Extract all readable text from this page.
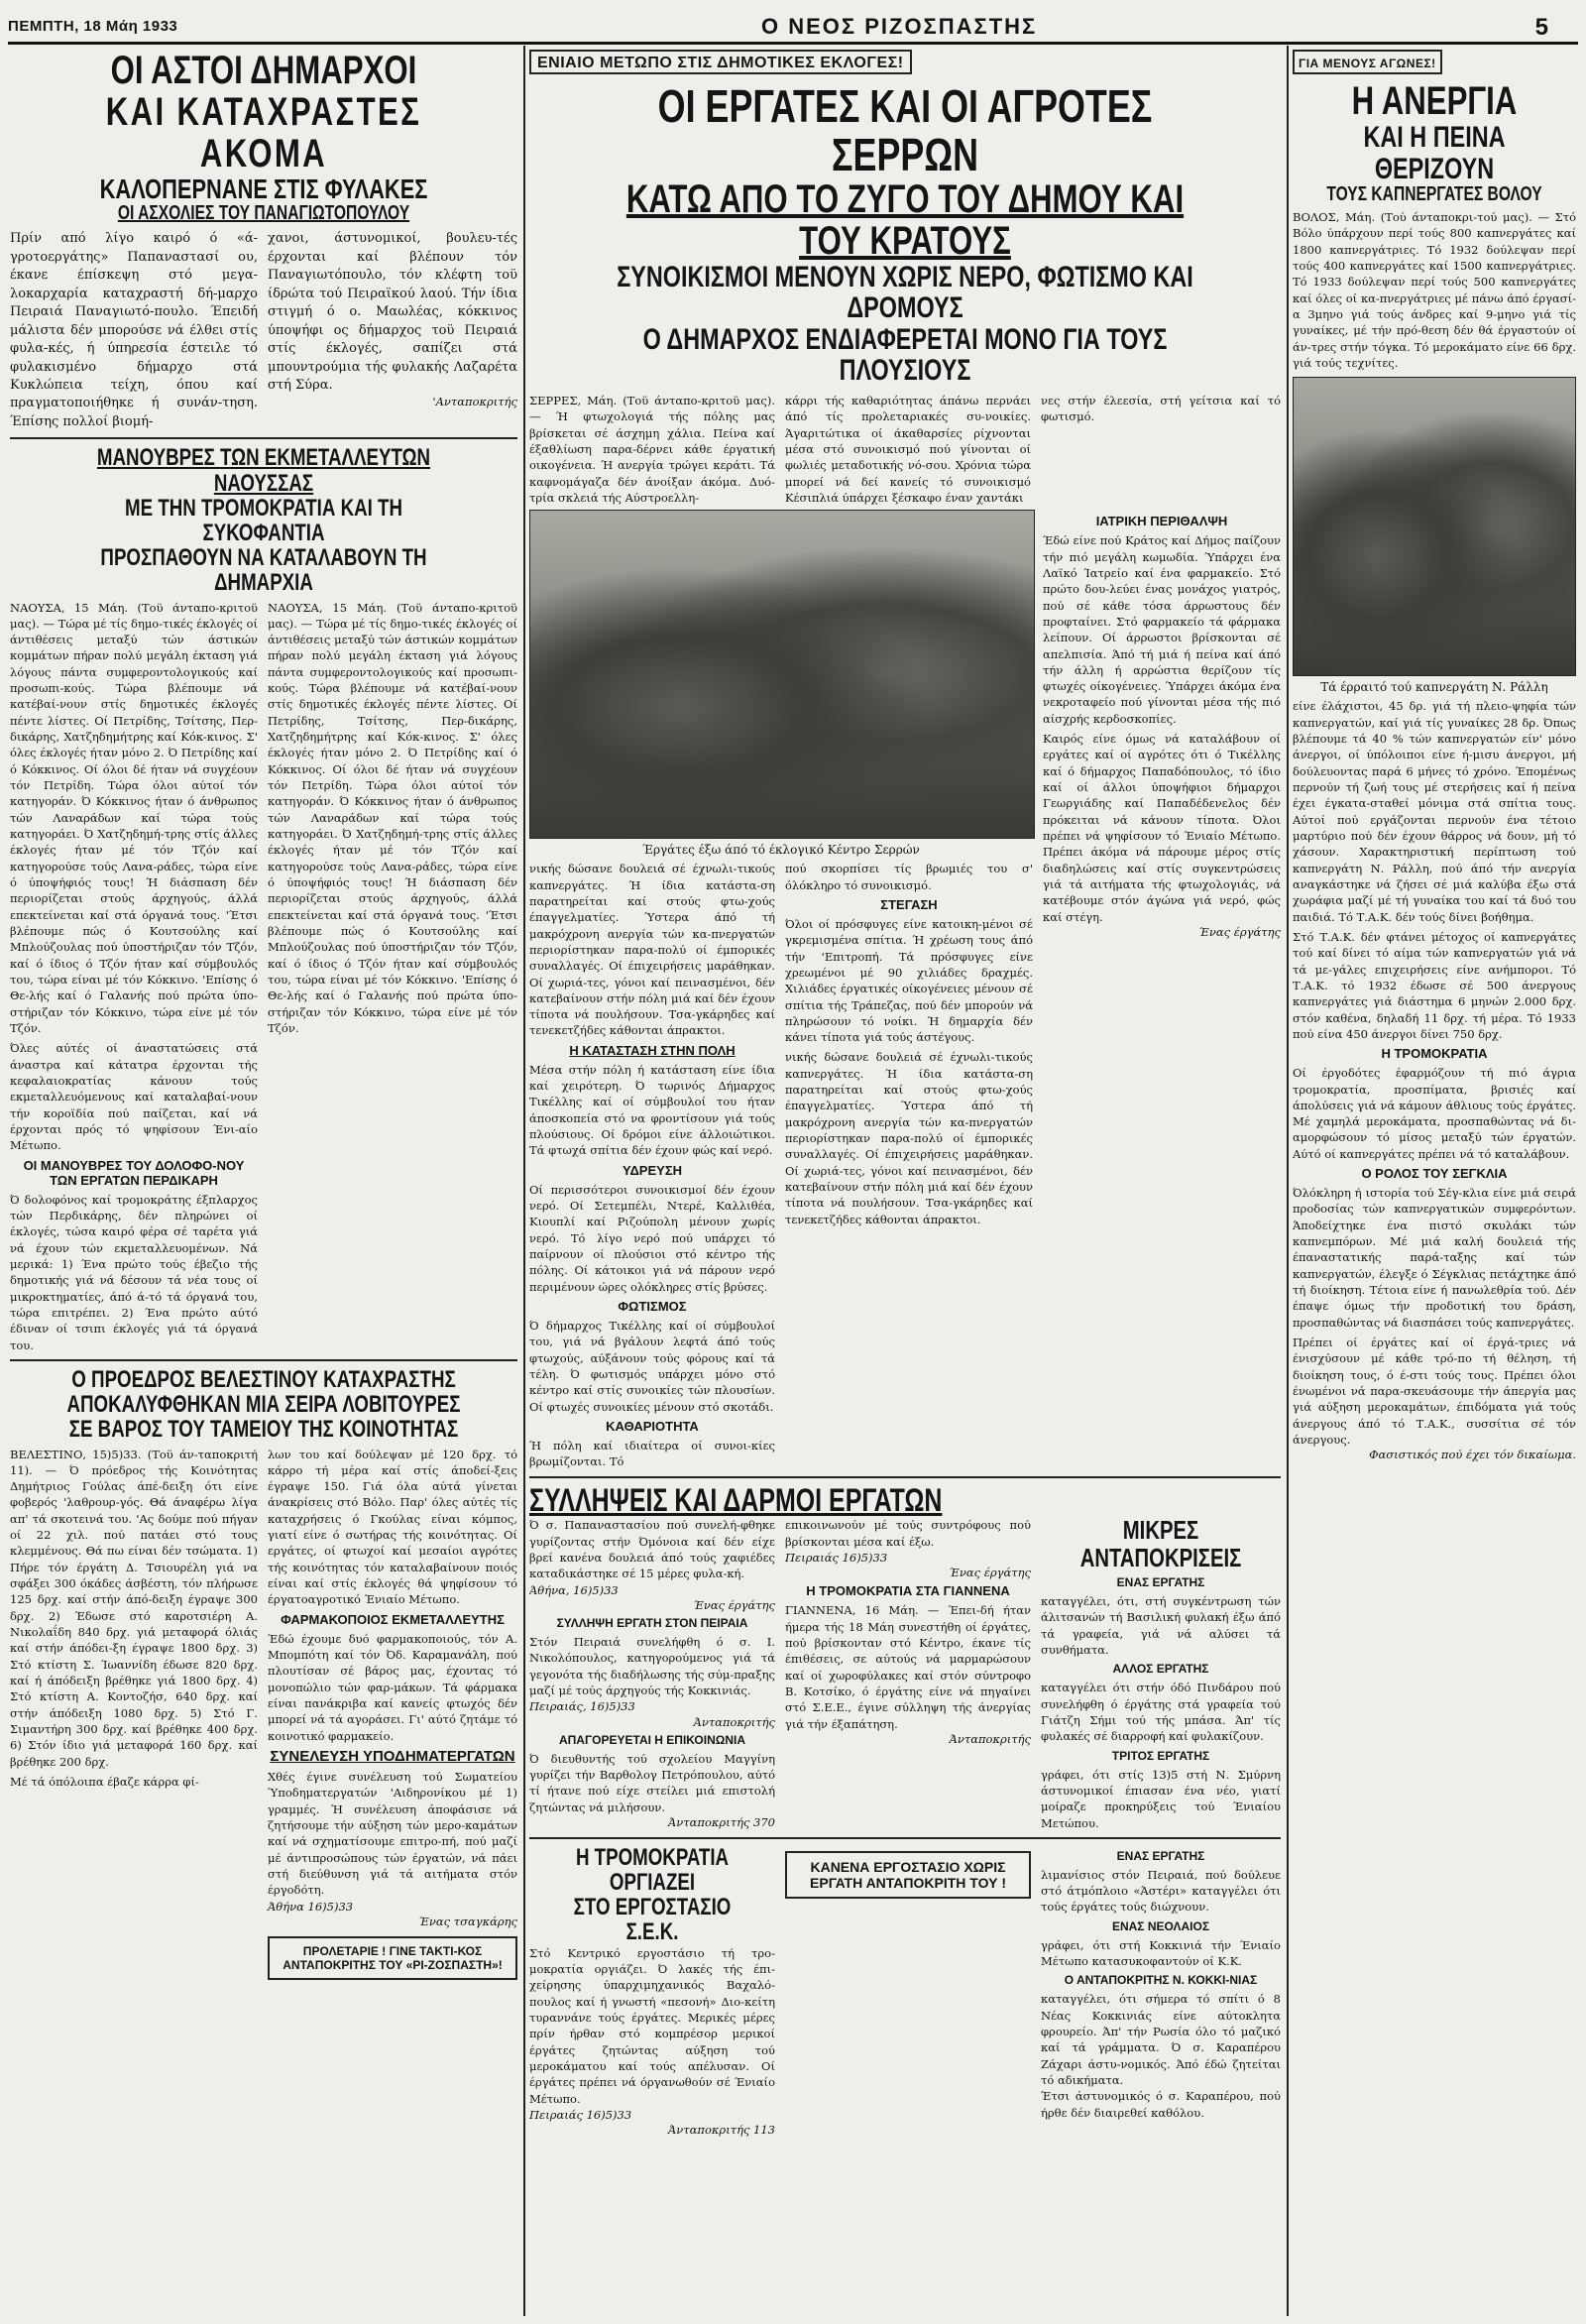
ΠΕΜΠΤΗ, 18 Μάη 1933	Ο ΝΕΟΣ ΡΙΖΟΣΠΑΣΤΗΣ	5
ΟΙ ΑΣΤΟΙ ΔΗΜΑΡΧΟΙ
ΚΑΙ ΚΑΤΑΧΡΑΣΤΕΣ ΑΚΟΜΑ
ΚΑΛΟΠΕΡΝΑΝΕ ΣΤΙΣ ΦΥΛΑΚΕΣ
ΟΙ ΑΣΧΟΛΙΕΣ ΤΟΥ ΠΑΝΑΓΙΩΤΟΠΟΥΛΟΥ
Πρίν από λίγο καιρό ό «ά-γροτοεργάτης» Παπαναστασί ου, έκανε έπίσκεψη στό μεγα-λοκαρχαρία καταχραστή δή-μαρχο Πειραιά Παναγιωτό-πουλο. Έπειδή μάλιστα δέν μπορούσε νά έλθει στίς φυλα-κές, ή ύπηρεσία έστειλε τό φυλακισμένο δήμαρχο στά Κυκλώπεια τείχη, όπου καί πραγματοποιήθηκε ή συνάν-τηση. Έπίσης πολλοί βιομή-
χανοι, άστυνομικοί, βουλευ-τές έρχονται καί βλέπουν τόν Παναγιωτόπουλο, τόν κλέφτη τοϋ ίδρώτα τού Πειραϊκού λαού. Τήν ίδια στιγμή ό ο. Μαωλέας, κόκκινος ύποψήφι ος δήμαρχος τοϋ Πειραιά στίς έκλογές, σαπίζει στά μπουντρούμια τής φυλακής Λαζαρέτα στή Σύρα.
'Ανταποκριτής
ΜΑΝΟΥΒΡΕΣ ΤΩΝ ΕΚΜΕΤΑΛΛΕΥΤΩΝ ΝΑΟΥΣΣΑΣ
ΜΕ ΤΗΝ ΤΡΟΜΟΚΡΑΤΙΑ ΚΑΙ ΤΗ ΣΥΚΟΦΑΝΤΙΑ
ΠΡΟΣΠΑΘΟΥΝ ΝΑ ΚΑΤΑΛΑΒΟΥΝ ΤΗ ΔΗΜΑΡΧΙΑ
ΝΑΟΥΣΑ, 15 Μάη. (Τοϋ άνταπο-κριτοϋ μας). — Τώρα μέ τίς δημο-τικές έκλογές οί άντιθέσεις μεταξύ τών άστικών κομμάτων πήραν πολύ μεγάλη έκταση γιά λόγους πάντα συμφεροντολογικούς καί προσωπι-κούς. Τώρα βλέπουμε νά κατέβαί-νουν στίς δημοτικές έκλογές πέντε λίστες. Οί Πετρίδης, Τσίτσης, Περ-δικάρης, Χατζηδημήτρης καί Κόκ-κινος. Σ' όλες έκλογές ήταν μόνο 2. Ό Πετρίδης καί ό Κόκκινος. Οί όλοι δέ ήταν νά συγχέουν τόν Πετρίδη. Τώρα όλοι αύτοί τόν κατηγοράν. Ό Κόκκινος ήταν ό άνθρωπος τών Λαναράδων καί τώρα τούς κατηγοράει. Ό Χατζηδημή-τρης στίς άλλες έκλογές ήταν μέ τόν Τζόν καί κατηγορούσε τούς Λανα-ράδες, τώρα είνε ό ύποψήφιός τους! Ή διάσπαση δέν περιορίζεται στούς άρχηγούς, άλλά επεκτείνεται καί στά όργανά τους. 'Έτσι βλέπουμε πώς ό Κουτσούλης καί Μπλούζουλας πού ύποστήριζαν τόν Τζόν, καί ό ίδιος ό Τζόν ήταν καί σύμβουλός του, τώρα είναι μέ τόν Κόκκινο. 'Επίσης ό Θε-λής καί ό Γαλανής πού πρώτα ύπο-στήριζαν τόν Κόκκινο, τώρα είνε μέ τόν Τζόν.
Όλες αύτές οί άναστατώσεις στά άναστρα καί κάτατρα έρχονται τής κεφαλαιοκρατίας κάνουν τούς εκμεταλλευόμενους καί καταλαβαί-νουν τήν κοροϊδία πού παίζεται, καί νά έρχονται πρός τό ψηφίσουν Ένι-αίο Μέτωπο.
ΟΙ ΜΑΝΟΥΒΡΕΣ ΤΟΥ ΔΟΛΟΦΟ-ΝΟΥ ΤΩΝ ΕΡΓΑΤΩΝ ΠΕΡΔΙΚΑΡΗ
Ό δολοφόνος καί τρομοκράτης έξπλαρχος τών Περδικάρης, δέν πληρώνει οί έκλογές, τώσα καιρό φέρα σέ ταρέτα γιά νά έχουν τών εκμεταλλευομένων. Νά μερικά: 1) Ένα πρώτο τούς έβεζιο τής δημοτικής γιά νά δέσουν τά νέα τους οί μικροκτηματίες, άπό ά-τό τά όργανά του, τώρα επιτρέπει. 2) Ένα πρώτο αύτό έδιναν οί τσιπι έκλογές γιά τά όργανά του.
ΝΑΟΥΣΑ, 15 Μάη. (Τοϋ άνταπο-κριτοϋ μας). — Τώρα μέ τίς δημο-τικές έκλογές οί άντιθέσεις μεταξύ τών άστικών κομμάτων πήραν πολύ μεγάλη έκταση γιά λόγους πάντα συμφεροντολογικούς καί προσωπι-κούς. Τώρα βλέπουμε νά κατέβαί-νουν στίς δημοτικές έκλογές πέντε λίστες. Οί Πετρίδης, Τσίτσης, Περ-δικάρης, Χατζηδημήτρης καί Κόκ-κινος. Σ' όλες έκλογές ήταν μόνο 2. Ό Πετρίδης καί ό Κόκκινος. Οί όλοι δέ ήταν νά συγχέουν τόν Πετρίδη. Τώρα όλοι αύτοί τόν κατηγοράν. Ό Κόκκινος ήταν ό άνθρωπος τών Λαναράδων καί τώρα τούς κατηγοράει. Ό Χατζηδημή-τρης στίς άλλες έκλογές ήταν μέ τόν Τζόν καί κατηγορούσε τούς Λανα-ράδες, τώρα είνε ό ύποψήφιός τους! Ή διάσπαση δέν περιορίζεται στούς άρχηγούς, άλλά επεκτείνεται καί στά όργανά τους. 'Έτσι βλέπουμε πώς ό Κουτσούλης καί Μπλούζουλας πού ύποστήριζαν τόν Τζόν, καί ό ίδιος ό Τζόν ήταν καί σύμβουλός του, τώρα είναι μέ τόν Κόκκινο. 'Επίσης ό Θε-λής καί ό Γαλανής πού πρώτα ύπο-στήριζαν τόν Κόκκινο, τώρα είνε μέ τόν Τζόν.
Ο ΠΡΟΕΔΡΟΣ ΒΕΛΕΣΤΙΝΟΥ ΚΑΤΑΧΡΑΣΤΗΣ
ΑΠΟΚΑΛΥΦΘΗΚΑΝ ΜΙΑ ΣΕΙΡΑ ΛΟΒΙΤΟΥΡΕΣ
ΣΕ ΒΑΡΟΣ ΤΟΥ ΤΑΜΕΙΟΥ ΤΗΣ ΚΟΙΝΟΤΗΤΑΣ
ΒΕΛΕΣΤΙΝΟ, 15)5)33. (Τοϋ άν-ταποκριτή 11). — Ό πρόεδρος τής Κοινότητας Δημήτριος Γούλας άπέ-δειξη ότι είνε φοβερός 'λαθρουρ-γός. Θά άναφέρω λίγα απ' τά σκοτεινά του. 'Ας δούμε πού πήγαν οί 22 χιλ. πού πατάει στό τους κλεμμένους. Θά πω είναι δέν τσώματα. 1) Πήρε τόν έργάτη Δ. Τσιουρέλη γιά να σφάξει 300 όκάδες άσβέστη, τόν πλήρωσε 125 δρχ. καί στήν άπό-δειξη έγραψε 300 δρχ. 2) Έδωσε στό καροτσιέρη Α. Νικολαΐδη 840 δρχ. γιά μεταφορά όλιάς καί στήν άπόδει-ξη έγραψε 1800 δρχ. 3) Στό κτίστη Σ. Ίωαννίδη έδωσε 820 δρχ. καί ή άπόδειξη βρέθηκε γιά 1800 δρχ. 4) Στό κτίστη Α. Κοντοζήσ, 640 δρχ. καί στήν άπόδειξη 1080 δρχ. 5) Στό Γ. Σιμαντήρη 300 δρχ. καί βρέθηκε 400 δρχ. 6) Στόν ίδιο γιά μεταφορά 160 δρχ. καί βρέθηκε 200 δρχ.
Μέ τά όπόλοιπα έβαζε κάρρα φί-
λων του καί δούλεψαν μέ 120 δρχ. τό κάρρο τή μέρα καί στίς άποδεί-ξεις έγραψε 150. Γιά όλα αύτά γίνεται άνακρίσεις στό Βόλο. Παρ' όλες αύτές τίς καταχρήσεις ό Γκούλας είναι κόμπος, γιατί είνε ό σωτήρας τής κοινότητας. Οί εργάτες, οί φτωχοί καί μεσαίοι αγρότες τής κοινότητας τόν καταλαβαίνουν ποιός είναι καί στίς έκλογές θά ψηφίσουν τό έργατοαγροτικό Ένιαίο Μέτωπο.
ΦΑΡΜΑΚΟΠΟΙΟΣ ΕΚΜΕΤΑΛΛΕΥΤΗΣ
Έδώ έχουμε δυό φαρμακοποιούς, τόν Α. Μπομπότη καί τόν Όδ. Καραμανάλη, πού πλουτίσαν σέ βάρος μας, έχοντας τό μονοπώλιο τών φαρ-μάκων. Τά φάρμακα είναι πανάκριβα καί κανείς φτωχός δέν μπορεί νά τά αγοράσει. Γι' αύτό ζητάμε τό κοινοτικό φαρμακείο.
ΣΥΝΕΛΕΥΣΗ ΥΠΟΔΗΜΑΤΕΡΓΑΤΩΝ
Χθές έγινε συνέλευση τού Σωματείου Ύποδηματεργατών 'Αιδηρονίκου μέ 1) γραμμές. Ή συνέλευση άποφάσισε νά ζητήσουμε τήν αύξηση τών μερο-καμάτων καί νά σχηματίσουμε επιτρο-πή, πού μαζί μέ άντιπροσώπους τών έργατών, νά πάει στή διεύθυνση γιά τά αιτήματα στόν έργοδότη.
Άθήνα 16)5)33
Ένας τσαγκάρης
ΠΡΟΛΕΤΑΡΙΕ ! ΓΙΝΕ ΤΑΚΤΙ-ΚΟΣ ΑΝΤΑΠΟΚΡΙΤΗΣ ΤΟΥ «ΡΙ-ΖΟΣΠΑΣΤΗ»!
ΕΝΙΑΙΟ ΜΕΤΩΠΟ ΣΤΙΣ ΔΗΜΟΤΙΚΕΣ ΕΚΛΟΓΕΣ!
ΟΙ ΕΡΓΑΤΕΣ ΚΑΙ ΟΙ ΑΓΡΟΤΕΣ ΣΕΡΡΩΝ
ΚΑΤΩ ΑΠΟ ΤΟ ΖΥΓΟ ΤΟΥ ΔΗΜΟΥ ΚΑΙ ΤΟΥ ΚΡΑΤΟΥΣ
ΣΥΝΟΙΚΙΣΜΟΙ ΜΕΝΟΥΝ ΧΩΡΙΣ ΝΕΡΟ, ΦΩΤΙΣΜΟ ΚΑΙ ΔΡΟΜΟΥΣ
Ο ΔΗΜΑΡΧΟΣ ΕΝΔΙΑΦΕΡΕΤΑΙ ΜΟΝΟ ΓΙΑ ΤΟΥΣ ΠΛΟΥΣΙΟΥΣ
ΣΕΡΡΕΣ, Μάη. (Τοϋ άνταπο-κριτοϋ μας).— Ή φτωχολογιά τής πόλης μας βρίσκεται σέ άσχημη χάλια. Πείνα καί έξαθλίωση παρα-δέρνει κάθε έργατική οικογένεια. Ή ανεργία τρώγει κεράτι. Τά καφνομάγαζα δέν άνοίξαν άκόμα. Δυό-τρία σκλειά τής Αύστροελλη-
κάρρι τής καθαριότητας άπάνω περνάει άπό τίς προλεταριακές συ-νοικίες. Άγαριτώτικα οί άκαθαρσίες ρίχνονται μέσα στό συνοικισμό πού γίνονται οί φωλιές μεταδοτικής νό-σου. Χρόνια τώρα μπορεί νά δεί κανείς τό συνοικισμό Κέσιπλιά ύπάρχει ξέσκαφο έναν χαντάκι
νες στήν έλεεσία, στή γείτσια καί τό φωτισμό.
Έργάτες έξω άπό τό έκλογικό Κέντρο Σερρών
νικής δώσανε δουλειά σέ έχνωλι-τικούς καπνεργάτες. Ή ίδια κατάστα-ση παρατηρείται καί στούς φτω-χούς έπαγγελματίες. Ύστερα άπό τή μακρόχρονη ανεργία τών κα-πνεργατών περιορίστηκαν παρα-πολύ οί έμπορικές συναλλαγές. Οί έπιχειρήσεις μαράθηκαν. Οί χωριά-τες, γόνοι καί πεινασμένοι, δέν κατεβαίνουν στήν πόλη μιά καί δέν έχουν τίποτα νά πουλήσουν. Τσα-γκάρηδες καί τενεκετζήδες κάθονται άπρακτοι.
Η ΚΑΤΑΣΤΑΣΗ ΣΤΗΝ ΠΟΛΗ
Μέσα στήν πόλη ή κατάσταση είνε ίδια καί χειρότερη. Ό τωρινός Δήμαρχος Τικέλλης καί οί σύμβουλοί του ήταν άποσκοπεία στό να φροντίσουν γιά τούς πλούσιους. Οί δρόμοι είνε άλλοιώτικοι. Τά φτωχά σπίτια δέν έχουν φώς καί νερό.
ΥΔΡΕΥΣΗ
Οί περισσότεροι συνοικισμοί δέν έχουν νερό. Οί Σετεμπέλι, Ντερέ, Καλλιθέα, Κιουπλί καί Ριζούπολη μένουν χωρίς νερό. Τό λίγο νερό πού υπάρχει τό παίρνουν οί πλούσιοι στό κέντρο τής πόλης. Οί κάτοικοι γιά νά πάρουν νερό περιμένουν ώρες ολόκληρες στίς βρύσες.
ΦΩΤΙΣΜΟΣ
Ό δήμαρχος Τικέλλης καί οί σύμβουλοί του, γιά νά βγάλουν λεφτά άπό τούς φτωχούς, αύξάνουν τούς φόρους καί τά τέλη. Ό φωτισμός υπάρχει μόνο στό κέντρο καί στίς συνοικίες τών πλουσίων. Οί φτωχές συνοικίες μένουν στό σκοτάδι.
ΚΑΘΑΡΙΟΤΗΤΑ
Ή πόλη καί ιδιαίτερα οί συνοι-κίες βρωμίζονται. Τό
πού σκορπίσει τίς βρωμιές του σ' όλόκληρο τό συνοικισμό.
ΣΤΕΓΑΣΗ
Όλοι οί πρόσφυγες είνε κατοικη-μένοι σέ γκρεμισμένα σπίτια. Ή χρέωση τους άπό τήν 'Επιτροπή. Τά πρόσφυγες είνε χρεωμένοι μέ 90 χιλιάδες δραχμές. Χιλιάδες έργατικές οίκογένειες μένουν σέ σπίτια τής Τράπεζας, πού δέν μπορούν νά πληρώσουν τό νοίκι. Ή δημαρχία δέν κάνει τίποτα γιά τούς άστέγους.
νικής δώσανε δουλειά σέ έχνωλι-τικούς καπνεργάτες. Ή ίδια κατάστα-ση παρατηρείται καί στούς φτω-χούς έπαγγελματίες. Ύστερα άπό τή μακρόχρονη ανεργία τών κα-πνεργατών περιορίστηκαν παρα-πολύ οί έμπορικές συναλλαγές. Οί έπιχειρήσεις μαράθηκαν. Οί χωριά-τες, γόνοι καί πεινασμένοι, δέν κατεβαίνουν στήν πόλη μιά καί δέν έχουν τίποτα νά πουλήσουν. Τσα-γκάρηδες καί τενεκετζήδες κάθονται άπρακτοι.
ΙΑΤΡΙΚΗ ΠΕΡΙΘΑΛΨΗ
Έδώ είνε πού Κράτος καί Δήμος παίζουν τήν πιό μεγάλη κωμωδία. Ύπάρχει ένα Λαϊκό Ίατρείο καί ένα φαρμακείο. Στό πρώτο δου-λεύει ένας μονάχος γιατρός, πού σέ κάθε τόσα άρρωστους δέν προφταίνει. Στό φαρμακείο τά φάρμακα λείπουν. Οί άρρωστοι βρίσκονται σέ απελπισία. Άπό τή μιά ή πείνα καί άπό τήν άλλη ή αρρώστια θερίζουν τίς φτωχές οίκογένειες. Ύπάρχει άκόμα ένα νεκροταφείο πού γίνονται μέσα τής πιό αίσχρής κερδοσκοπίες.
Καιρός είνε όμως νά καταλάβουν οί εργάτες καί οί αγρότες ότι ό Τικέλλης καί ό δήμαρχος Παπαδόπουλος, τό ίδιο καί οί άλλοι ύποψήφιοι δήμαρχοι Γεωργιάδης καί Παπαδέδενελος δέν πρόκειται νά κάνουν τίποτα. Όλοι πρέπει νά ψηφίσουν τό Ένιαίο Μέτωπο. Πρέπει άκόμα νά πάρουμε μέρος στίς διαδηλώσεις καί στίς συγκεντρώσεις γιά τά αιτήματα τής φτωχολογιάς, νά κατέβουμε στόν άγώνα γιά νερό, φώς καί στέγη.
Ένας έργάτης
ΣΥΛΛΗΨΕΙΣ ΚΑΙ ΔΑΡΜΟΙ ΕΡΓΑΤΩΝ
Ό σ. Παπαναστασίου πού συνελή-φθηκε γυρίζοντας στήν Όμόνοια καί δέν είχε βρεί κανένα δουλειά άπό τούς χαφιέδες καταδικάστηκε σέ 15 μέρες φυλα-κή.
Άθήνα, 16)5)33
Ένας έργάτης
ΣΥΛΛΗΨΗ ΕΡΓΑΤΗ ΣΤΟΝ ΠΕΙΡΑΙΑ
Στόν Πειραιά συνελήφθη ό σ. Ι. Νικολόπουλος, κατηγορούμενος γιά τά γεγονότα τής διαδήλωσης τής σύμ-πραξης μαζί μέ τούς άρχηγούς τής Κοκκινιάς.
Πειραιάς, 16)5)33
Άνταποκριτής
ΑΠΑΓΟΡΕΥΕΤΑΙ Η ΕΠΙΚΟΙΝΩΝΙΑ
Ό διευθυντής τού σχολείου Μαγγίνη γυρίζει τήν Βαρθολογ Πετρόπουλου, αύτό τί ήτανε πού είχε στείλει μιά επιστολή ζητώντας νά μιλήσουν.
Άνταποκριτής 370
επικοινωνούν μέ τούς συντρόφους πού βρίσκονται μέσα καί έξω.
Πειραιάς 16)5)33
Ένας έργάτης
Η ΤΡΟΜΟΚΡΑΤΙΑ ΣΤΑ ΓΙΑΝΝΕΝΑ
ΓΙΑΝΝΕΝΑ, 16 Μάη. — Έπει-δή ήταν ήμερα τής 18 Μάη συνεστήθη οί έργάτες, πού βρίσκονταν στό Κέντρο, έκανε τίς έπιθέσεις, σε αύτούς νά μαρμαρώσουν καί οί χωροφύλακες καί στόν σύντροφο Β. Κοτσίκο, ό έργάτης είνε νά πηγαίνει στό Σ.Ε.Ε., έγινε σύλληψη τής άνεργίας γιά τήν έξαπάτηση.
Άνταποκριτής
ΜΙΚΡΕΣ ΑΝΤΑΠΟΚΡΙΣΕΙΣ
ΕΝΑΣ ΕΡΓΑΤΗΣ
καταγγέλει, ότι, στή συγκέντρωση τών άλιτσανών τή Βασιλική φυλακή έξω άπό τά γραφεία, γιά νά αλύσει τά συνθήματα.
ΑΛΛΟΣ ΕΡΓΑΤΗΣ
καταγγέλει ότι στήν όδό Πινδάρου πού συνελήφθη ό έργάτης στά γραφεία τού Γιάτζη Σήμι τού τής μπάσα. Άπ' τίς φυλακές σέ διαρροφή καί φυλακίζουν.
ΤΡΙΤΟΣ ΕΡΓΑΤΗΣ
γράφει, ότι στίς 13)5 στή Ν. Σμύρνη άστυνομικοί έπιασαν ένα νέο, γιατί μοίραζε προκηρύξεις τού Ένιαίου Μετώπου.
Η ΤΡΟΜΟΚΡΑΤΙΑ ΟΡΓΙΑΖΕΙ
ΣΤΟ ΕΡΓΟΣΤΑΣΙΟ Σ.Ε.Κ.
Στό Κεντρικό εργοστάσιο τή τρο-μοκρατία οργιάζει. Ό λακές τής έπι-χείρησης ύπαρχιμηχανικός Βαχαλό-πουλος καί ή γνωστή «πεσονή» Διο-κείτη τυραννάνε τούς έργάτες. Μερικές μέρες πρίν ήρθαν στό κομπρέσορ μερικοί έργάτες ζητώντας αύξηση τού μεροκάματου καί τούς απέλυσαν. Οί έργάτες πρέπει νά όργανωθούν σέ Ένιαίο Μέτωπο.
Πειραιάς 16)5)33
Άνταποκριτής 113
ΚΑΝΕΝΑ ΕΡΓΟΣΤΑΣΙΟ ΧΩΡΙΣ ΕΡΓΑΤΗ ΑΝΤΑΠΟΚΡΙΤΗ ΤΟΥ !
ΕΝΑΣ ΕΡΓΑΤΗΣ
λιμανίσιος στόν Πειραιά, πού δούλευε στό άτμόπλοιο «Άστέρι» καταγγέλει ότι τούς έργάτες τούς διώχνουν.
ΕΝΑΣ ΝΕΟΛΑΙΟΣ
γράφει, ότι στή Κοκκινιά τήν Ένιαίο Μέτωπο κατασυκοφαντούν οί Κ.Κ.
Ο ΑΝΤΑΠΟΚΡΙΤΗΣ Ν. ΚΟΚΚΙ-ΝΙΑΣ
καταγγέλει, ότι σήμερα τό σπίτι ό 8 Νέας Κοκκινιάς είνε αύτοκλητα φρουρείο. Άπ' τήν Ρωσία όλο τό μαζικό καί τά γράμματα. Ό σ. Καραπέρου Ζάχαρι άστυ-νομικός. Άπό έδώ ζητείται τό αδικήματα.
Έτσι άστυνομικός ό σ. Καραπέρου, πού ήρθε δέν διαιρεθεί καθόλου.
ΓΙΑ ΜΕΝΟΥΣ ΑΓΩΝΕΣ!
Η ΑΝΕΡΓΙΑ
ΚΑΙ Η ΠΕΙΝΑ ΘΕΡΙΖΟΥΝ
ΤΟΥΣ ΚΑΠΝΕΡΓΑΤΕΣ ΒΟΛΟΥ
ΒΟΛΟΣ, Μάη. (Τού άνταποκρι-τού μας). — Στό Βόλο ύπάρχουν περί τούς 800 καπνεργάτες καί 1800 καπνεργάτριες. Τό 1932 δούλεψαν περί τούς 400 καπνεργάτες καί 1500 καπνεργάτριες. Τό 1933 δούλεψαν περί τούς 500 καπνεργάτες καί όλες οί κα-πνεργάτριες μέ πάνω άπό έργασί-α 3μηνο γιά τούς άνδρες καί 9-μηνο γιά τίς γυναίκες, μέ τήν πρό-θεση δέν θά έργαστούν οί άν-τρες στήν τόγκα. Τό μεροκάματο είνε 66 δρχ. γιά τούς τεχνίτες.
Τά έρραιτό τού καπνεργάτη Ν. Ράλλη
είνε έλάχιστοι, 45 δρ. γιά τή πλειο-ψηφία τών καπνεργατών, καί γιά τίς γυναίκες 28 δρ. Όπως βλέπουμε τά 40 % τών καπνεργατών είν' μόνο άνεργοι, οί ύπόλοιποι είνε ή-μισυ άνεργοι, μή δούλευοντας παρά 6 μήνες τό χρόνο. Έπομένως περνούν τή ζωή τους μέ στερήσεις καί ή πείνα έχει έγκατα-σταθεί μόνιμα στά σπίτια τους. Αύτοί πού εργάζονται περνούν ένα τέτοιο μαρτύριο πού δέν έχουν θάρρος νά δουν, μή τό χάσουν. Χαρακτηριστική περίπτωση τού καπνεργάτη Ν. Ράλλη, πού άπό τήν ανεργία αναγκάστηκε νά ζήσει σέ μιά καλύβα έξω στά χωράφια μαζί μέ τή γυναίκα του καί τά δυό του παιδιά. Τό Τ.Α.Κ. δέν τούς δίνει βοήθημα.
Στό Τ.Α.Κ. δέν φτάνει μέτοχος οί καπνεργάτες τού καί δίνει τό αίμα τών καπνεργατών γιά νά τά με-γάλες επιχειρήσεις είνε ανήμποροι. Τό Τ.Α.Κ. τό 1932 έδωσε σέ 500 άνεργους καπνεργάτες γιά διάστημα 6 μηνών 2.000 δρχ. στόν καθένα, δηλαδή 11 δρχ. τή μέρα. Τό 1933 πού είνα 450 άνεργοι δίνει 750 δρχ.
Η ΤΡΟΜΟΚΡΑΤΙΑ
Οί έργοδότες έφαρμόζουν τή πιό άγρια τρομοκρατία, προσπίματα, βρισιές καί άπολύσεις γιά νά κάμουν άθλιους τούς έργάτες. Μέ χαμηλά μεροκάματα, προσπαθώντας νά δι-αμορφώσουν τό μίσος μεταξύ τών έργατών. Αύτό οί καπνεργάτες πρέπει νά τό καταλάβουν.
Ο ΡΟΛΟΣ ΤΟΥ ΣΕΓΚΛΙΑ
Όλόκληρη ή ιστορία τού Σέγ-κλια είνε μιά σειρά προδοσίας τών καπνεργατικών συμφερόντων. Άποδείχτηκε ένα πιστό σκυλάκι τών καπνεμπόρων. Μέ μιά καλή δουλειά τής έπαναστατικής παρά-ταξης καί τών καπνεργατών, έλεγξε ό Σέγκλιας πετάχτηκε άπό τή διοίκηση. Τέτοια είνε ή πανωλεθρία τού. Δέν έπαψε όμως τήν προδοτική του δράση, προσπαθώντας νά διασπάσει τούς καπνεργάτες.
Πρέπει οί έργάτες καί οί έργά-τριες νά ένισχύσουν μέ κάθε τρό-πο τή θέληση, τή διοίκηση τους, ό έ-στι τούς τους. Πρέπει όλοι ένωμένοι νά παρα-σκευάσουμε τήν άπεργία μας γιά αύξηση μεροκαμάτων, έπιδόματα γιά τούς άνεργους άπό τό Τ.Α.Κ., συσσίτια σέ τόν άνεργους.
Φασιστικός πού έχει τόν δικαίωμα.
